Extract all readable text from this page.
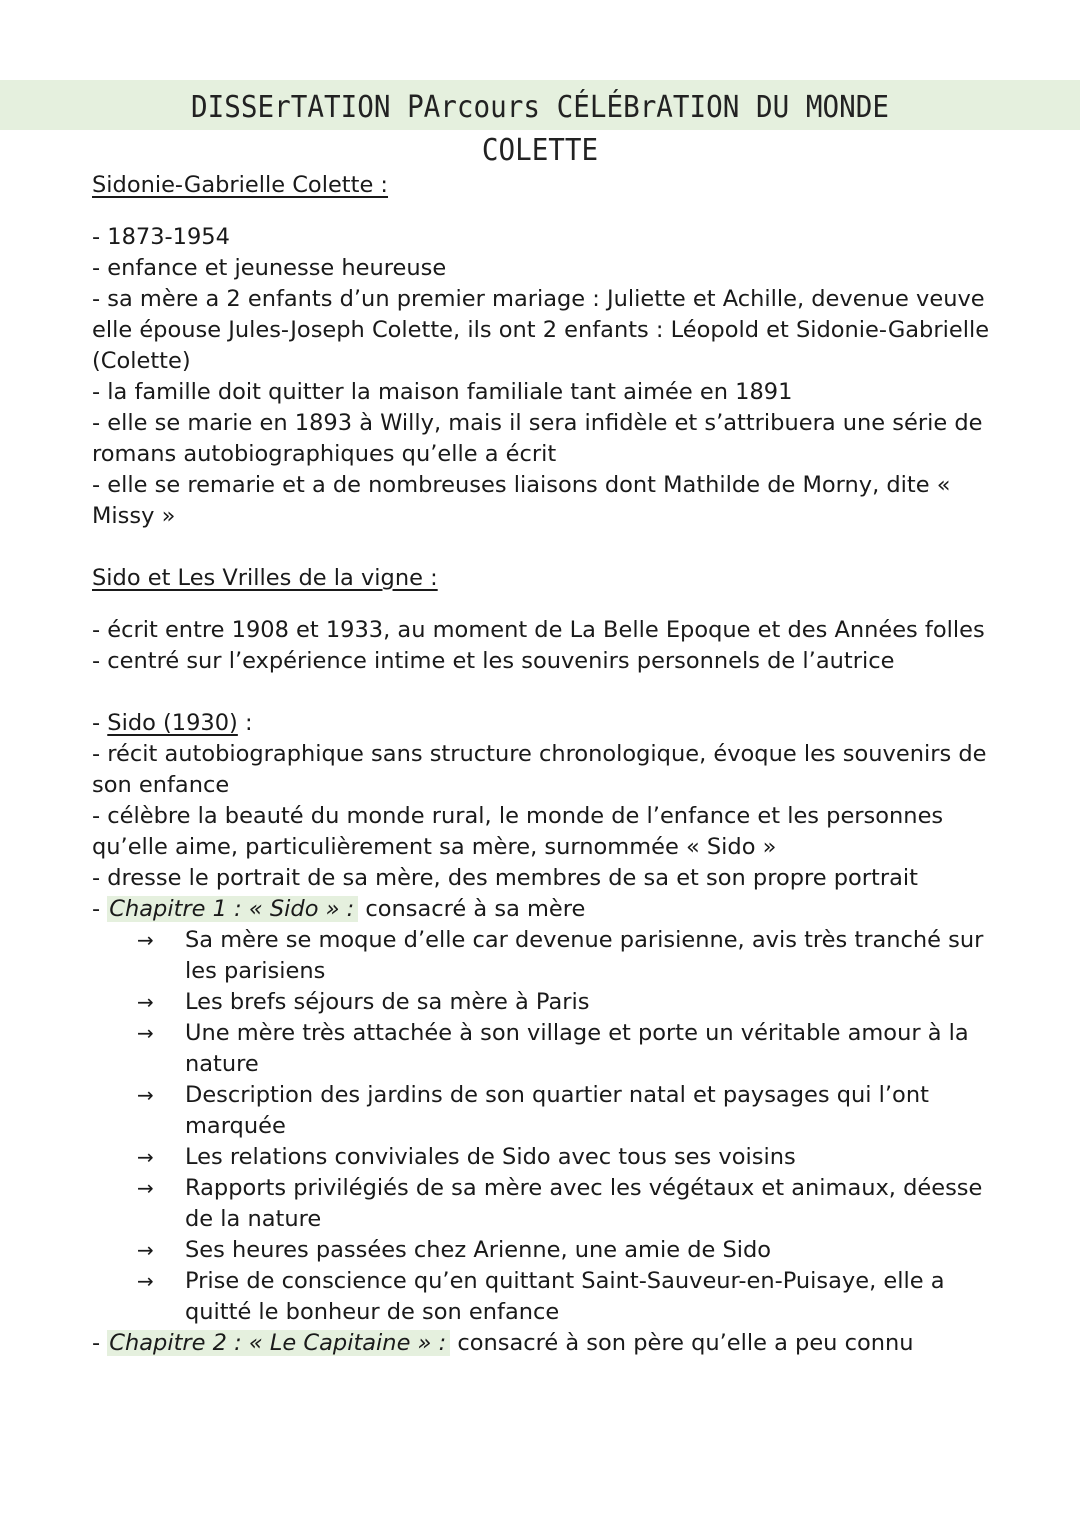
DISSErTATION PArcours CÉLÉBrATION DU MONDE
COLETTE

Sidonie-Gabrielle Colette :

- 1873-1954

- enfance et jeunesse heureuse

- sa mère a 2 enfants d’un premier mariage : Juliette et Achille, devenue veuve elle épouse Jules-Joseph Colette, ils ont 2 enfants : Léopold et Sidonie-Gabrielle (Colette)

- la famille doit quitter la maison familiale tant aimée en 1891

- elle se marie en 1893 à Willy, mais il sera infidèle et s’attribuera une série de romans autobiographiques qu’elle a écrit

- elle se remarie et a de nombreuses liaisons dont Mathilde de Morny, dite « Missy »

Sido et Les Vrilles de la vigne :

- écrit entre 1908 et 1933, au moment de La Belle Epoque et des Années folles

- centré sur l’expérience intime et les souvenirs personnels de l’autrice

- Sido (1930) :

- récit autobiographique sans structure chronologique, évoque les souvenirs de son enfance

- célèbre la beauté du monde rural, le monde de l’enfance et les personnes qu’elle aime, particulièrement sa mère, surnommée « Sido »

- dresse le portrait de sa mère, des membres de sa et son propre portrait

- Chapitre 1 : « Sido » : consacré à sa mère

→ Sa mère se moque d’elle car devenue parisienne, avis très tranché sur les parisiens
→ Les brefs séjours de sa mère à Paris
→ Une mère très attachée à son village et porte un véritable amour à la nature
→ Description des jardins de son quartier natal et paysages qui l’ont marquée
→ Les relations conviviales de Sido avec tous ses voisins
→ Rapports privilégiés de sa mère avec les végétaux et animaux, déesse de la nature
→ Ses heures passées chez Arienne, une amie de Sido
→ Prise de conscience qu’en quittant Saint-Sauveur-en-Puisaye, elle a quitté le bonheur de son enfance

- Chapitre 2 : « Le Capitaine » : consacré à son père qu’elle a peu connu
